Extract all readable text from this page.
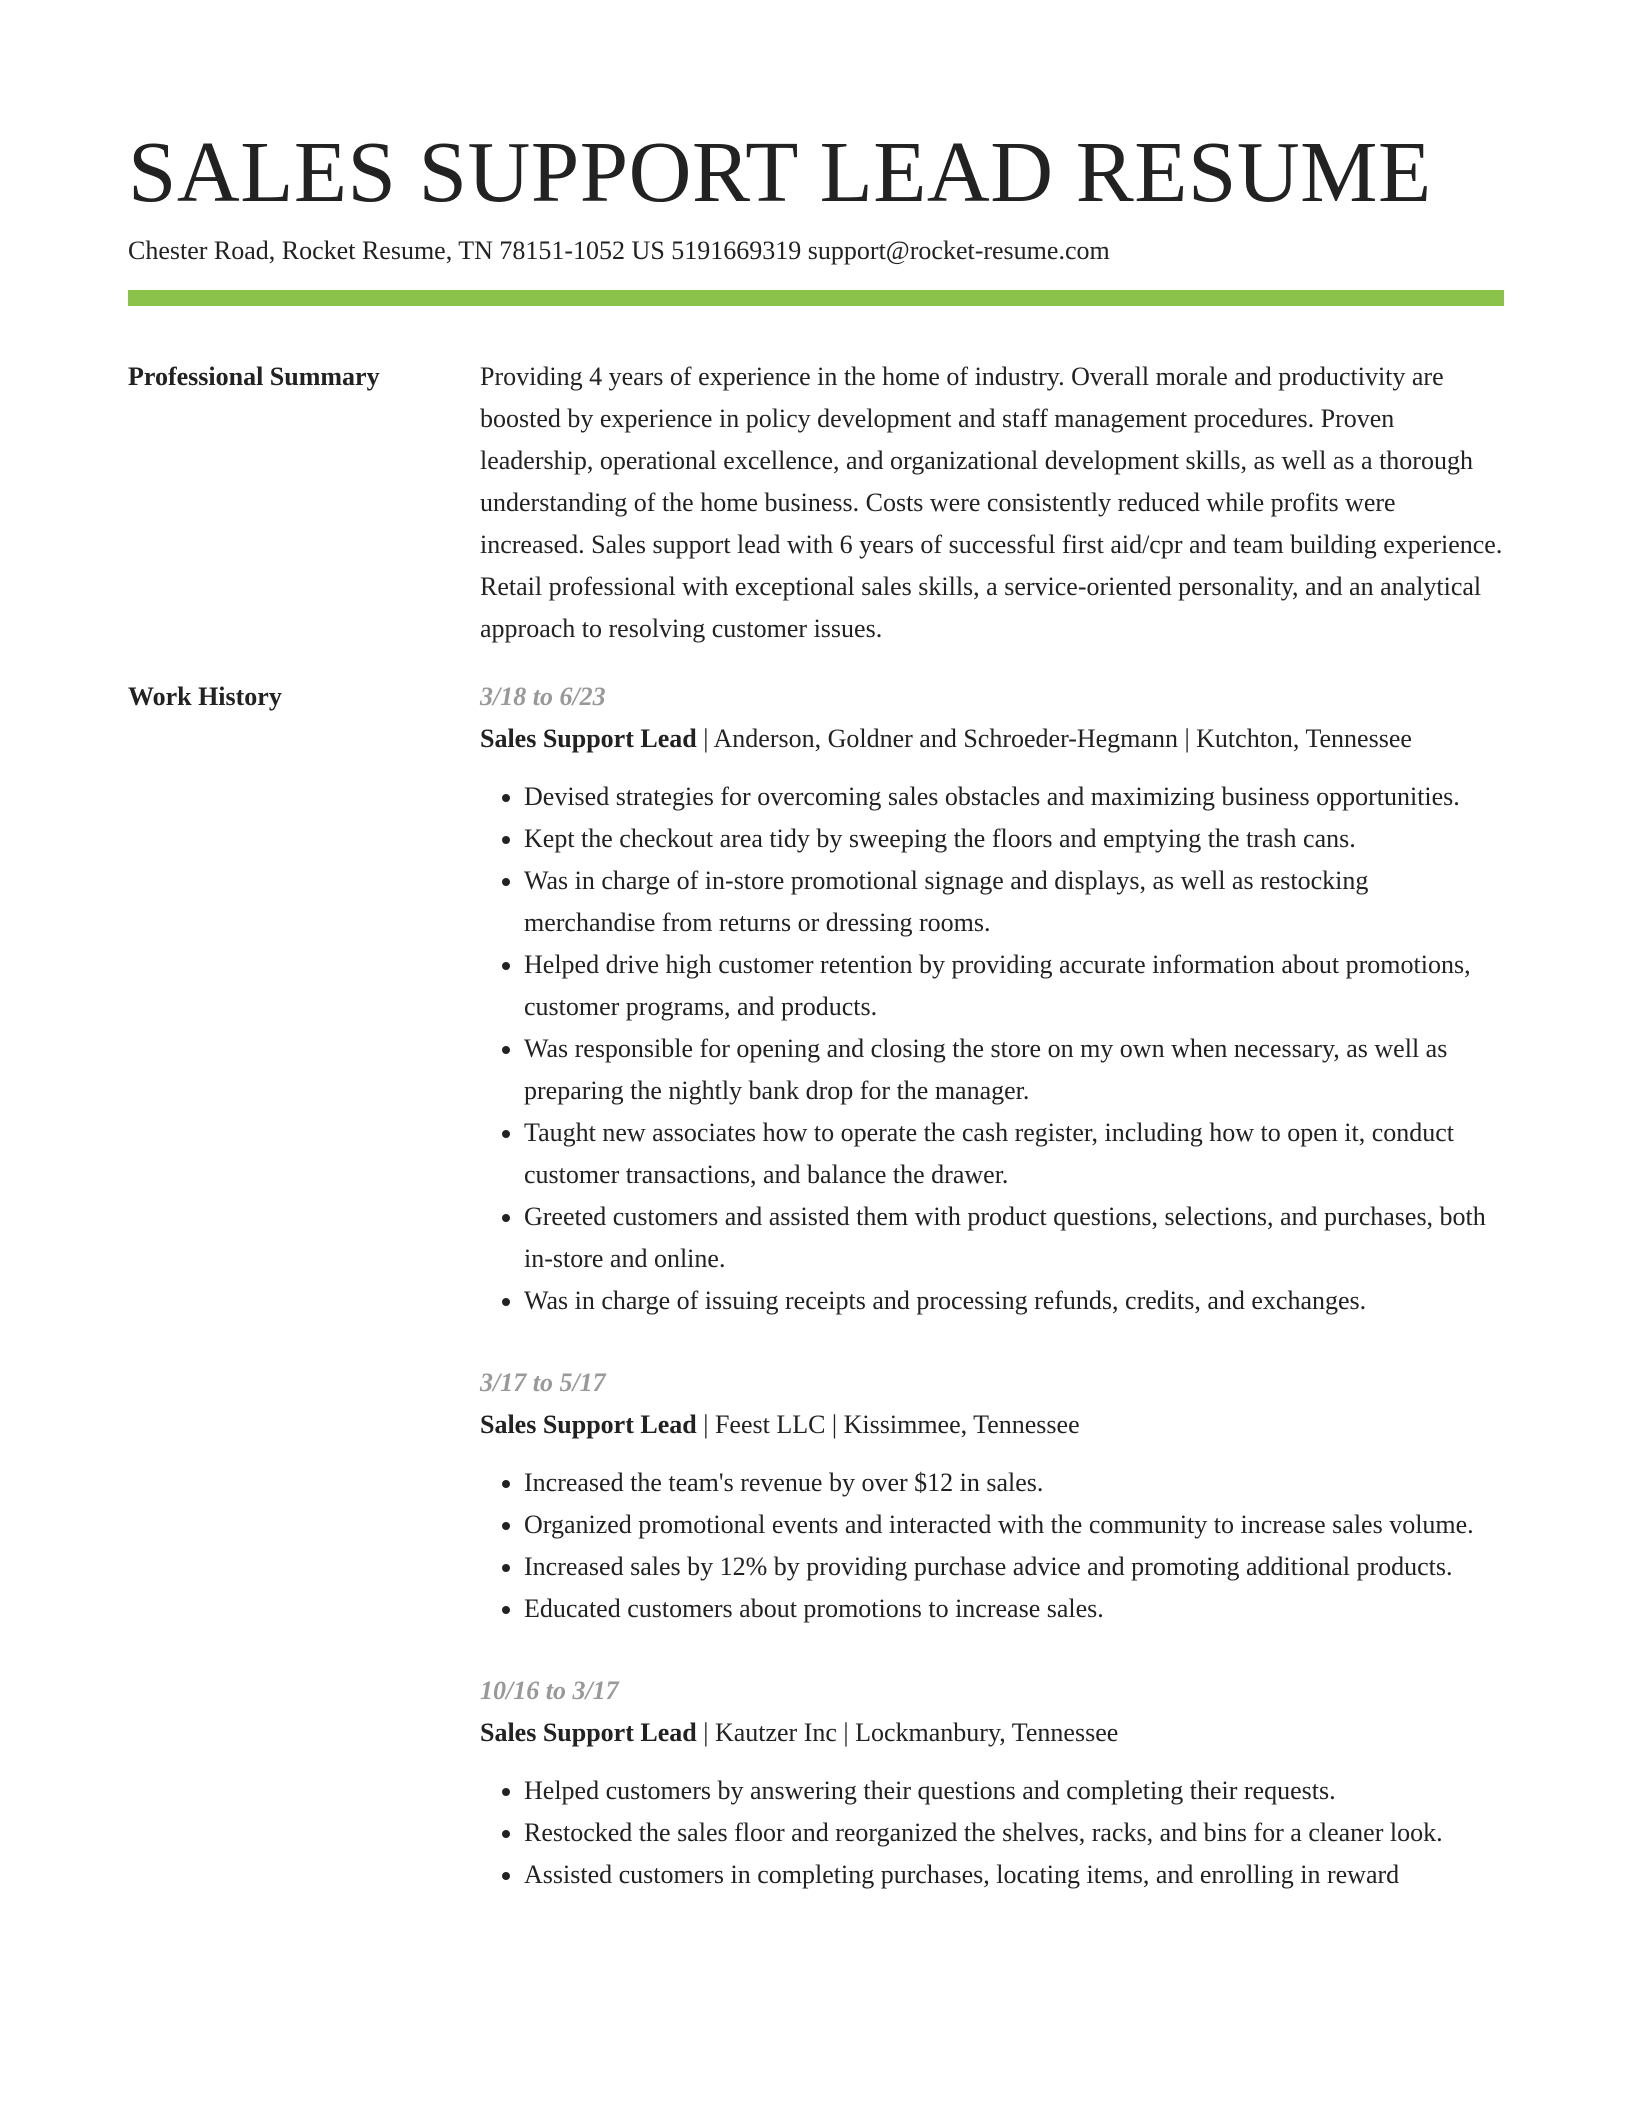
SALES SUPPORT LEAD RESUME
Chester Road, Rocket Resume, TN 78151-1052 US 5191669319 support@rocket-resume.com
Professional Summary	Providing 4 years of experience in the home of industry. Overall morale and productivity are boosted by experience in policy development and staff management procedures. Proven leadership, operational excellence, and organizational development skills, as well as a thorough understanding of the home business. Costs were consistently reduced while profits were increased. Sales support lead with 6 years of successful first aid/cpr and team building experience. Retail professional with exceptional sales skills, a service-oriented personality, and an analytical approach to resolving customer issues.

Work History	3/18 to 6/23
Sales Support Lead | Anderson, Goldner and Schroeder-Hegmann | Kutchton, Tennessee
• Devised strategies for overcoming sales obstacles and maximizing business opportunities.
• Kept the checkout area tidy by sweeping the floors and emptying the trash cans.
• Was in charge of in-store promotional signage and displays, as well as restocking merchandise from returns or dressing rooms.
• Helped drive high customer retention by providing accurate information about promotions, customer programs, and products.
• Was responsible for opening and closing the store on my own when necessary, as well as preparing the nightly bank drop for the manager.
• Taught new associates how to operate the cash register, including how to open it, conduct customer transactions, and balance the drawer.
• Greeted customers and assisted them with product questions, selections, and purchases, both in-store and online.
• Was in charge of issuing receipts and processing refunds, credits, and exchanges.
3/17 to 5/17
Sales Support Lead | Feest LLC | Kissimmee, Tennessee
• Increased the team's revenue by over $12 in sales.
• Organized promotional events and interacted with the community to increase sales volume.
• Increased sales by 12% by providing purchase advice and promoting additional products.
• Educated customers about promotions to increase sales.
10/16 to 3/17
Sales Support Lead | Kautzer Inc | Lockmanbury, Tennessee
• Helped customers by answering their questions and completing their requests.
• Restocked the sales floor and reorganized the shelves, racks, and bins for a cleaner look.
• Assisted customers in completing purchases, locating items, and enrolling in reward
